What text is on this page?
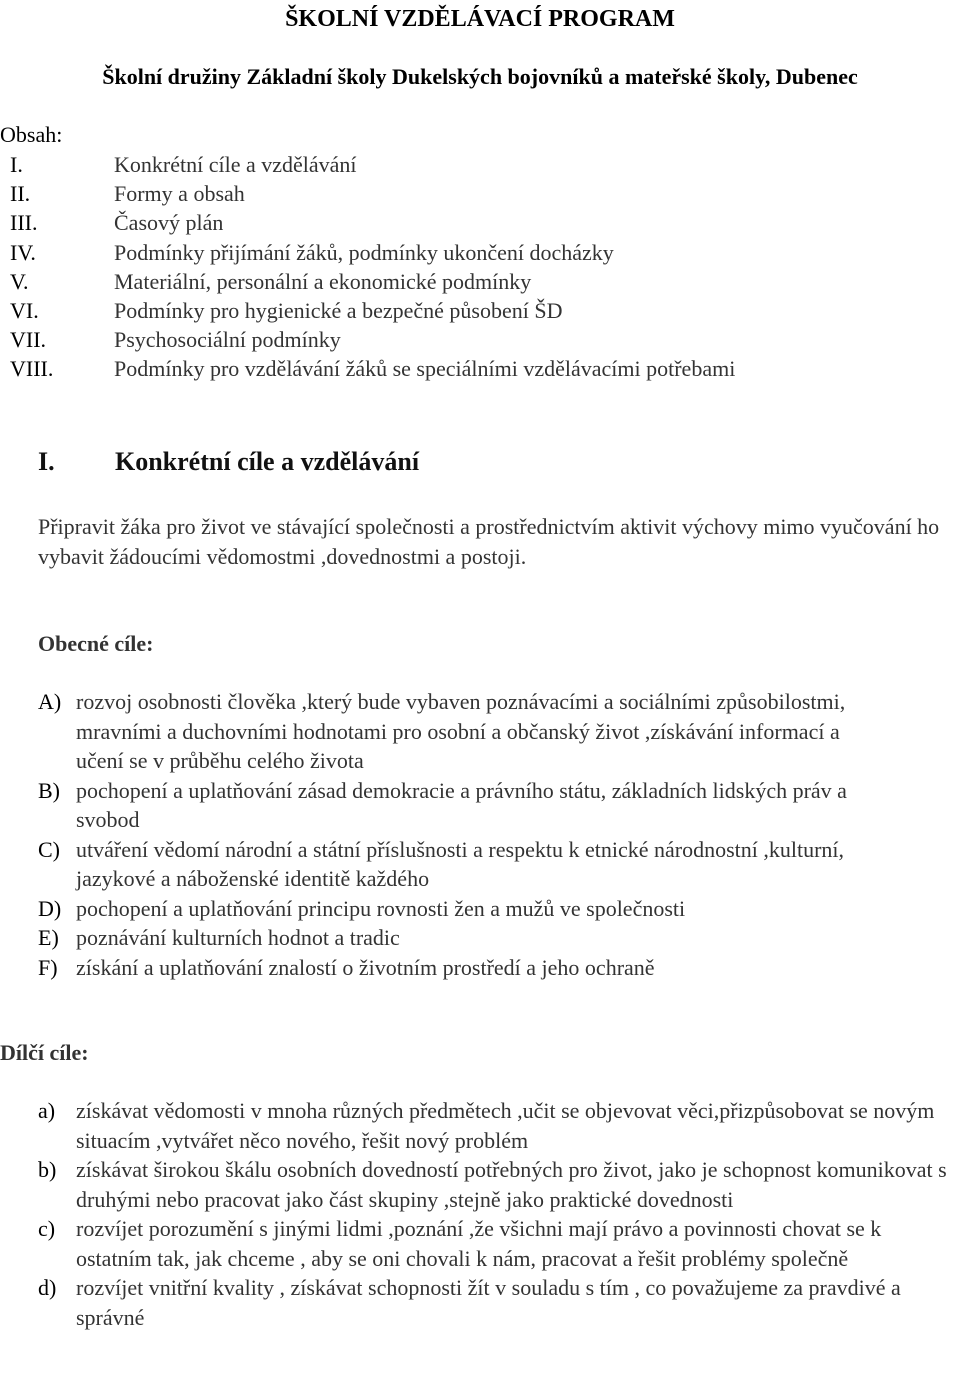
ŠKOLNÍ VZDĚLÁVACÍ PROGRAM
Školní družiny Základní školy Dukelských bojovníků a mateřské školy, Dubenec
Obsah:
I.	Konkrétní cíle a vzdělávání
II.	Formy a obsah
III.	Časový plán
IV.	Podmínky přijímání žáků, podmínky ukončení docházky
V.	Materiální, personální a ekonomické podmínky
VI.	Podmínky pro hygienické a bezpečné působení ŠD
VII.	Psychosociální podmínky
VIII.	Podmínky pro vzdělávání žáků se speciálními vzdělávacími potřebami
I. Konkrétní cíle a vzdělávání

Připravit žáka pro život ve stávající společnosti a prostřednictvím aktivit výchovy mimo vyučování ho vybavit žádoucími vědomostmi ,dovednostmi a postoji.

Obecné cíle:
A) rozvoj osobnosti člověka ,který bude vybaven poznávacími a sociálními způsobilostmi, mravními a duchovními hodnotami pro osobní a občanský život ,získávání informací a učení se v průběhu celého života
B) pochopení a uplatňování zásad demokracie a právního státu, základních lidských práv a svobod
C) utváření vědomí národní a státní příslušnosti a respektu k etnické národnostní ,kulturní, jazykové a náboženské identitě každého
D) pochopení a uplatňování principu rovnosti žen a mužů ve společnosti
E) poznávání kulturních hodnot a tradic
F) získání a uplatňování znalostí o životním prostředí a jeho ochraně
Dílčí cíle:
a) získávat vědomosti v mnoha různých předmětech ,učit se objevovat věci,přizpůsobovat se novým situacím ,vytvářet něco nového, řešit nový problém
b) získávat širokou škálu osobních dovedností potřebných pro život, jako je schopnost komunikovat s druhými nebo pracovat jako část skupiny ,stejně jako praktické dovednosti
c) rozvíjet porozumění s jinými lidmi ,poznání ,že všichni mají právo a povinnosti chovat se k ostatním tak, jak chceme , aby se oni chovali k nám, pracovat a řešit problémy společně
d) rozvíjet vnitřní kvality , získávat schopnosti žít v souladu s tím , co považujeme za pravdivé a správné
